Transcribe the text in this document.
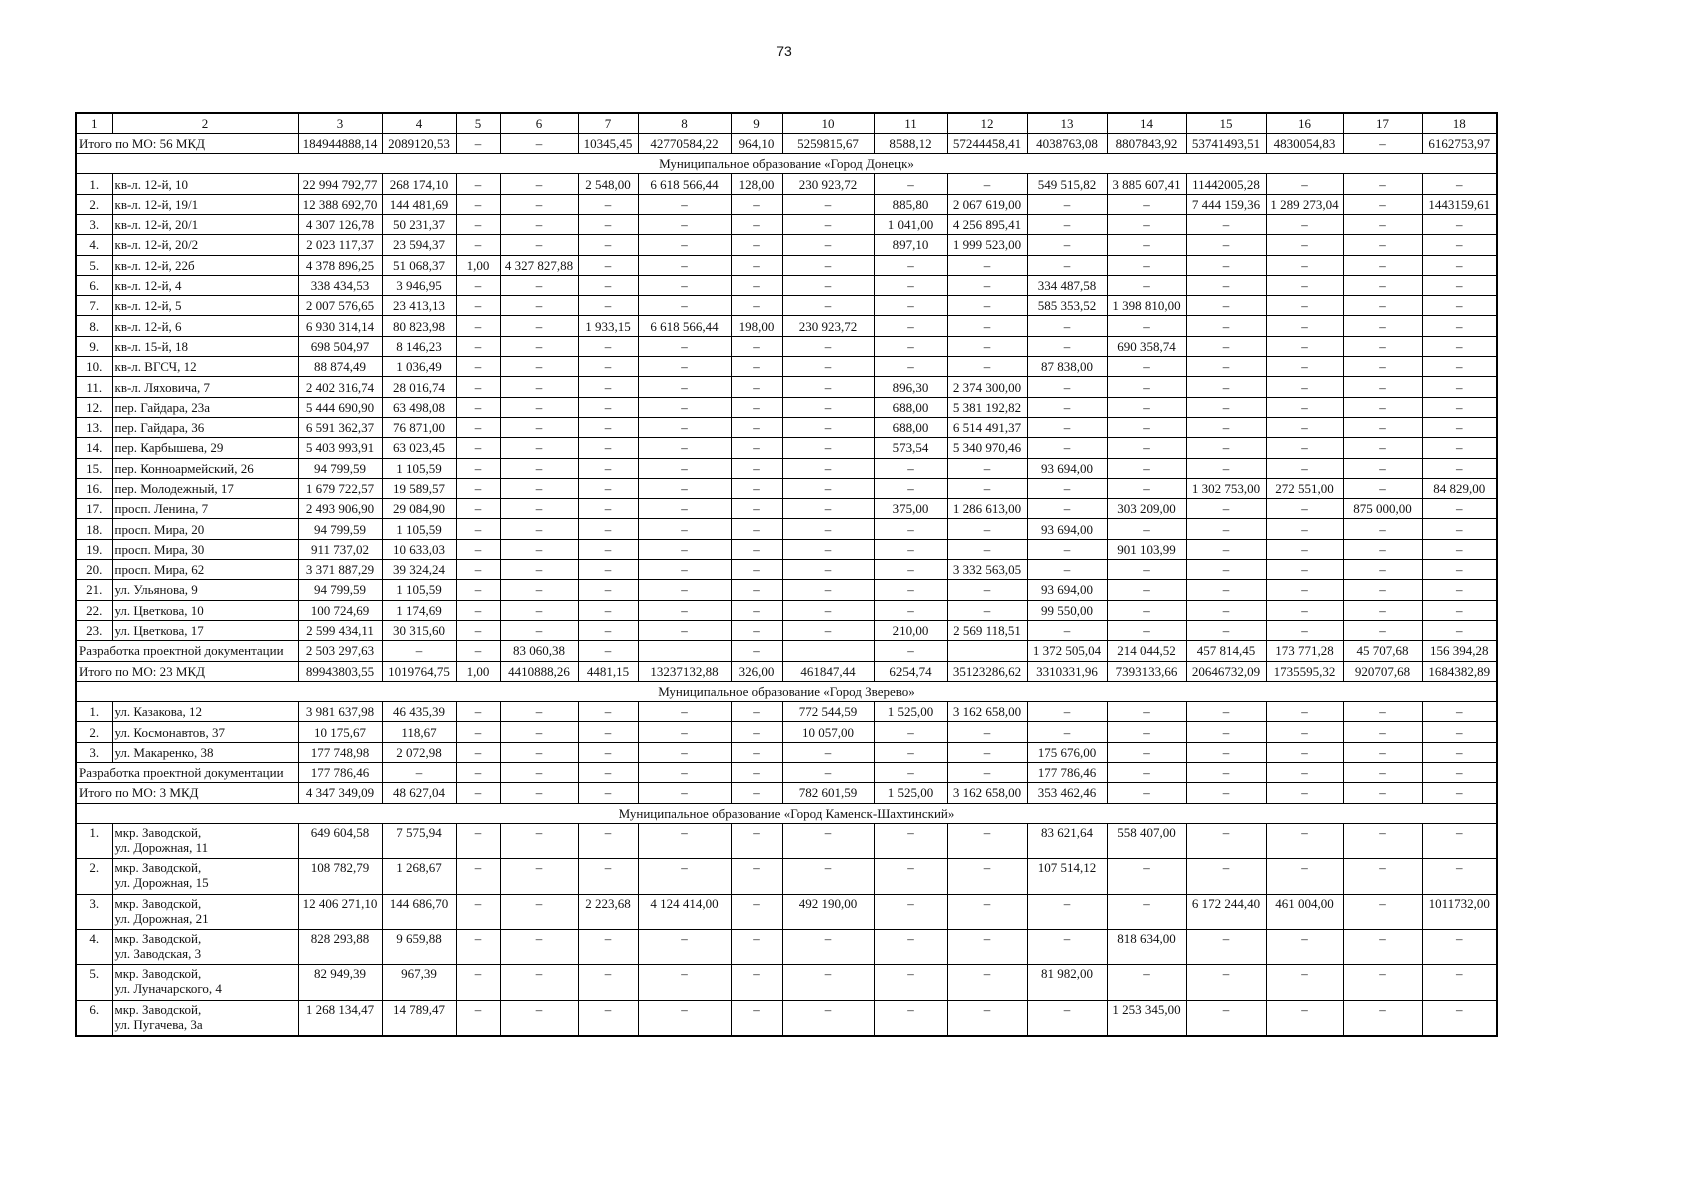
73
1	2	3	4	5	6	7	8	9	10	11	12	13	14	15	16	17	18
Итого по МО: 56 МКД		184944888,14	2089120,53	–	–	10345,45	42770584,22	964,10	5259815,67	8588,12	57244458,41	4038763,08	8807843,92	53741493,51	4830054,83	–	6162753,97
Муниципальное образование «Город Донецк»																	
1.	кв-л. 12-й, 10	22 994 792,77	268 174,10	–	–	2 548,00	6 618 566,44	128,00	230 923,72	–	–	549 515,82	3 885 607,41	11442005,28	–	–	–
2.	кв-л. 12-й, 19/1	12 388 692,70	144 481,69	–	–	–	–	–	–	885,80	2 067 619,00	–	–	7 444 159,36	1 289 273,04	–	1443159,61
3.	кв-л. 12-й, 20/1	4 307 126,78	50 231,37	–	–	–	–	–	–	1 041,00	4 256 895,41	–	–	–	–	–	–
4.	кв-л. 12-й, 20/2	2 023 117,37	23 594,37	–	–	–	–	–	–	897,10	1 999 523,00	–	–	–	–	–	–
5.	кв-л. 12-й, 22б	4 378 896,25	51 068,37	1,00	4 327 827,88	–	–	–	–	–	–	–	–	–	–	–	–
6.	кв-л. 12-й, 4	338 434,53	3 946,95	–	–	–	–	–	–	–	–	334 487,58	–	–	–	–	–
7.	кв-л. 12-й, 5	2 007 576,65	23 413,13	–	–	–	–	–	–	–	–	585 353,52	1 398 810,00	–	–	–	–
8.	кв-л. 12-й, 6	6 930 314,14	80 823,98	–	–	1 933,15	6 618 566,44	198,00	230 923,72	–	–	–	–	–	–	–	–
9.	кв-л. 15-й, 18	698 504,97	8 146,23	–	–	–	–	–	–	–	–	–	690 358,74	–	–	–	–
10.	кв-л. ВГСЧ, 12	88 874,49	1 036,49	–	–	–	–	–	–	–	–	87 838,00	–	–	–	–	–
11.	кв-л. Ляховича, 7	2 402 316,74	28 016,74	–	–	–	–	–	–	896,30	2 374 300,00	–	–	–	–	–	–
12.	пер. Гайдара, 23а	5 444 690,90	63 498,08	–	–	–	–	–	–	688,00	5 381 192,82	–	–	–	–	–	–
13.	пер. Гайдара, 36	6 591 362,37	76 871,00	–	–	–	–	–	–	688,00	6 514 491,37	–	–	–	–	–	–
14.	пер. Карбышева, 29	5 403 993,91	63 023,45	–	–	–	–	–	–	573,54	5 340 970,46	–	–	–	–	–	–
15.	пер. Конноармейский, 26	94 799,59	1 105,59	–	–	–	–	–	–	–	–	93 694,00	–	–	–	–	–
16.	пер. Молодежный, 17	1 679 722,57	19 589,57	–	–	–	–	–	–	–	–	–	–	1 302 753,00	272 551,00	–	84 829,00
17.	просп. Ленина, 7	2 493 906,90	29 084,90	–	–	–	–	–	–	375,00	1 286 613,00	–	303 209,00	–	–	875 000,00	–
18.	просп. Мира, 20	94 799,59	1 105,59	–	–	–	–	–	–	–	–	93 694,00	–	–	–	–	–
19.	просп. Мира, 30	911 737,02	10 633,03	–	–	–	–	–	–	–	–	–	901 103,99	–	–	–	–
20.	просп. Мира, 62	3 371 887,29	39 324,24	–	–	–	–	–	–	–	3 332 563,05	–	–	–	–	–	–
21.	ул. Ульянова, 9	94 799,59	1 105,59	–	–	–	–	–	–	–	–	93 694,00	–	–	–	–	–
22.	ул. Цветкова, 10	100 724,69	1 174,69	–	–	–	–	–	–	–	–	99 550,00	–	–	–	–	–
23.	ул. Цветкова, 17	2 599 434,11	30 315,60	–	–	–	–	–	–	210,00	2 569 118,51	–	–	–	–	–	–
Разработка проектной документации		2 503 297,63	–	–	83 060,38	–		–		–		1 372 505,04	214 044,52	457 814,45	173 771,28	45 707,68	156 394,28
Итого по МО: 23 МКД		89943803,55	1019764,75	1,00	4410888,26	4481,15	13237132,88	326,00	461847,44	6254,74	35123286,62	3310331,96	7393133,66	20646732,09	1735595,32	920707,68	1684382,89
Муниципальное образование «Город Зверево»																	
1.	ул. Казакова, 12	3 981 637,98	46 435,39	–	–	–	–	–	772 544,59	1 525,00	3 162 658,00	–	–	–	–	–	–
2.	ул. Космонавтов, 37	10 175,67	118,67	–	–	–	–	–	10 057,00	–	–	–	–	–	–	–	–
3.	ул. Макаренко, 38	177 748,98	2 072,98	–	–	–	–	–	–	–	–	175 676,00	–	–	–	–	–
Разработка проектной документации		177 786,46	–	–	–	–	–	–	–	–	–	177 786,46	–	–	–	–	–
Итого по МО: 3 МКД		4 347 349,09	48 627,04	–	–	–	–	–	782 601,59	1 525,00	3 162 658,00	353 462,46	–	–	–	–	–
Муниципальное образование «Город Каменск-Шахтинский»																	
1.	мкр. Заводской,
ул. Дорожная, 11	649 604,58	7 575,94	–	–	–	–	–	–	–	–	83 621,64	558 407,00	–	–	–	–
2.	мкр. Заводской,
ул. Дорожная, 15	108 782,79	1 268,67	–	–	–	–	–	–	–	–	107 514,12	–	–	–	–	–
3.	мкр. Заводской,
ул. Дорожная, 21	12 406 271,10	144 686,70	–	–	2 223,68	4 124 414,00	–	492 190,00	–	–	–	–	6 172 244,40	461 004,00	–	1011732,00
4.	мкр. Заводской,
ул. Заводская, 3	828 293,88	9 659,88	–	–	–	–	–	–	–	–	–	818 634,00	–	–	–	–
5.	мкр. Заводской,
ул. Луначарского, 4	82 949,39	967,39	–	–	–	–	–	–	–	–	81 982,00	–	–	–	–	–
6.	мкр. Заводской,
ул. Пугачева, 3а	1 268 134,47	14 789,47	–	–	–	–	–	–	–	–	–	1 253 345,00	–	–	–	–
